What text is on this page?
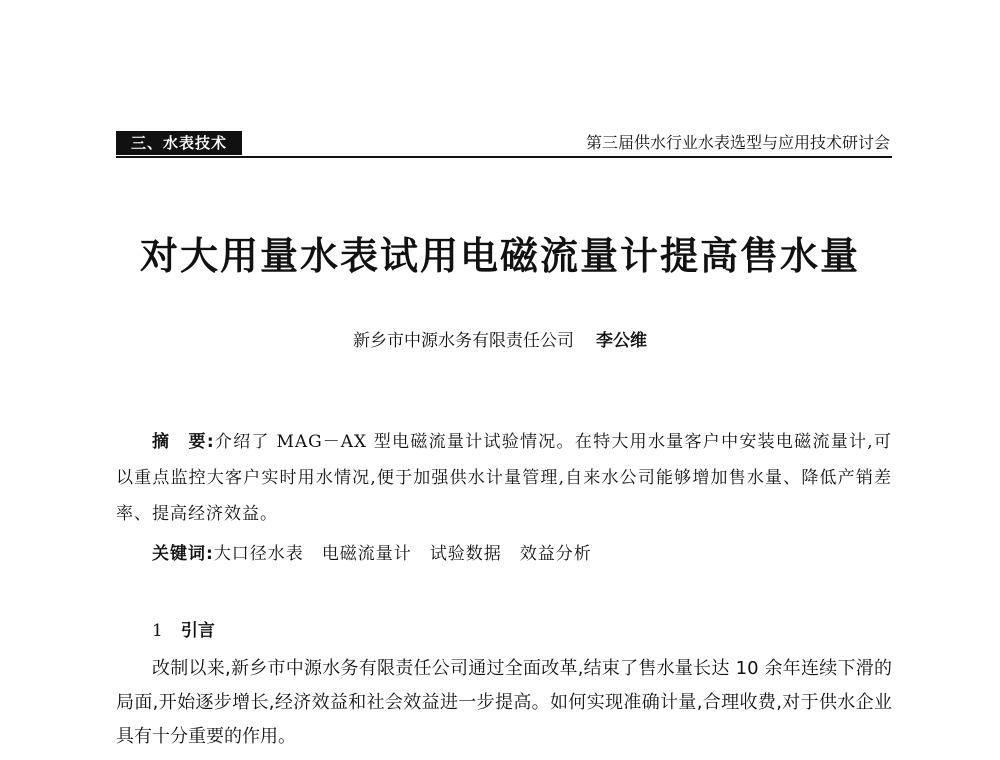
三、水表技术	第三届供水行业水表选型与应用技术研讨会
对大用量水表试用电磁流量计提高售水量
新乡市中源水务有限责任公司 李公维
摘　要:介绍了 MAG－AX 型电磁流量计试验情况。在特大用水量客户中安装电磁流量计,可以重点监控大客户实时用水情况,便于加强供水计量管理,自来水公司能够增加售水量、降低产销差率、提高经济效益。
关键词:大口径水表 电磁流量计 试验数据 效益分析
1 引言

改制以来,新乡市中源水务有限责任公司通过全面改革,结束了售水量长达 10 余年连续下滑的局面,开始逐步增长,经济效益和社会效益进一步提高。如何实现准确计量,合理收费,对于供水企业具有十分重要的作用。
